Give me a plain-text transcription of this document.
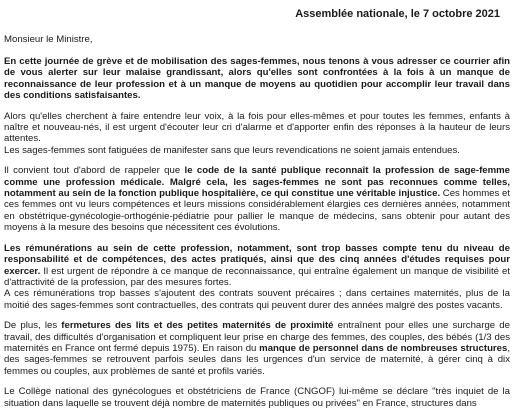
Assemblée nationale, le 7 octobre 2021
Monsieur le Ministre,

En cette journée de grève et de mobilisation des sages-femmes, nous tenons à vous adresser ce courrier afin de vous alerter sur leur malaise grandissant, alors qu'elles sont confrontées à la fois à un manque de reconnaissance de leur profession et à un manque de moyens au quotidien pour accomplir leur travail dans des conditions satisfaisantes.

Alors qu'elles cherchent à faire entendre leur voix, à la fois pour elles-mêmes et pour toutes les femmes, enfants à naître et nouveau-nés, il est urgent d'écouter leur cri d'alarme et d'apporter enfin des réponses à la hauteur de leurs attentes.
Les sages-femmes sont fatiguées de manifester sans que leurs revendications ne soient jamais entendues.

Il convient tout d'abord de rappeler que le code de la santé publique reconnaît la profession de sage-femme comme une profession médicale. Malgré cela, les sages-femmes ne sont pas reconnues comme telles, notamment au sein de la fonction publique hospitalière, ce qui constitue une véritable injustice. Ces hommes et ces femmes ont vu leurs compétences et leurs missions considérablement élargies ces dernières années, notamment en obstétrique-gynécologie-orthogénie-pédiatrie pour pallier le manque de médecins, sans obtenir pour autant des moyens à la mesure des besoins que nécessitent ces évolutions.

Les rémunérations au sein de cette profession, notamment, sont trop basses compte tenu du niveau de responsabilité et de compétences, des actes pratiqués, ainsi que des cinq années d'études requises pour exercer. Il est urgent de répondre à ce manque de reconnaissance, qui entraîne également un manque de visibilité et d'attractivité de la profession, par des mesures fortes.
A ces rémunérations trop basses s'ajoutent des contrats souvent précaires ; dans certaines maternités, plus de la moitié des sages-femmes sont contractuelles, des contrats qui peuvent durer des années malgré des postes vacants.

De plus, les fermetures des lits et des petites maternités de proximité entraînent pour elles une surcharge de travail, des difficultés d'organisation et compliquent leur prise en charge des femmes, des couples, des bébés (1/3 des maternités en France ont fermé depuis 1975). En raison du manque de personnel dans de nombreuses structures, des sages-femmes se retrouvent parfois seules dans les urgences d'un service de maternité, à gérer cinq à dix femmes ou couples, aux problèmes de santé et profils variés.

Le Collège national des gynécologues et obstétriciens de France (CNGOF) lui-même se déclare "très inquiet de la situation dans laquelle se trouvent déjà nombre de maternités publiques ou privées" en France, structures dans
